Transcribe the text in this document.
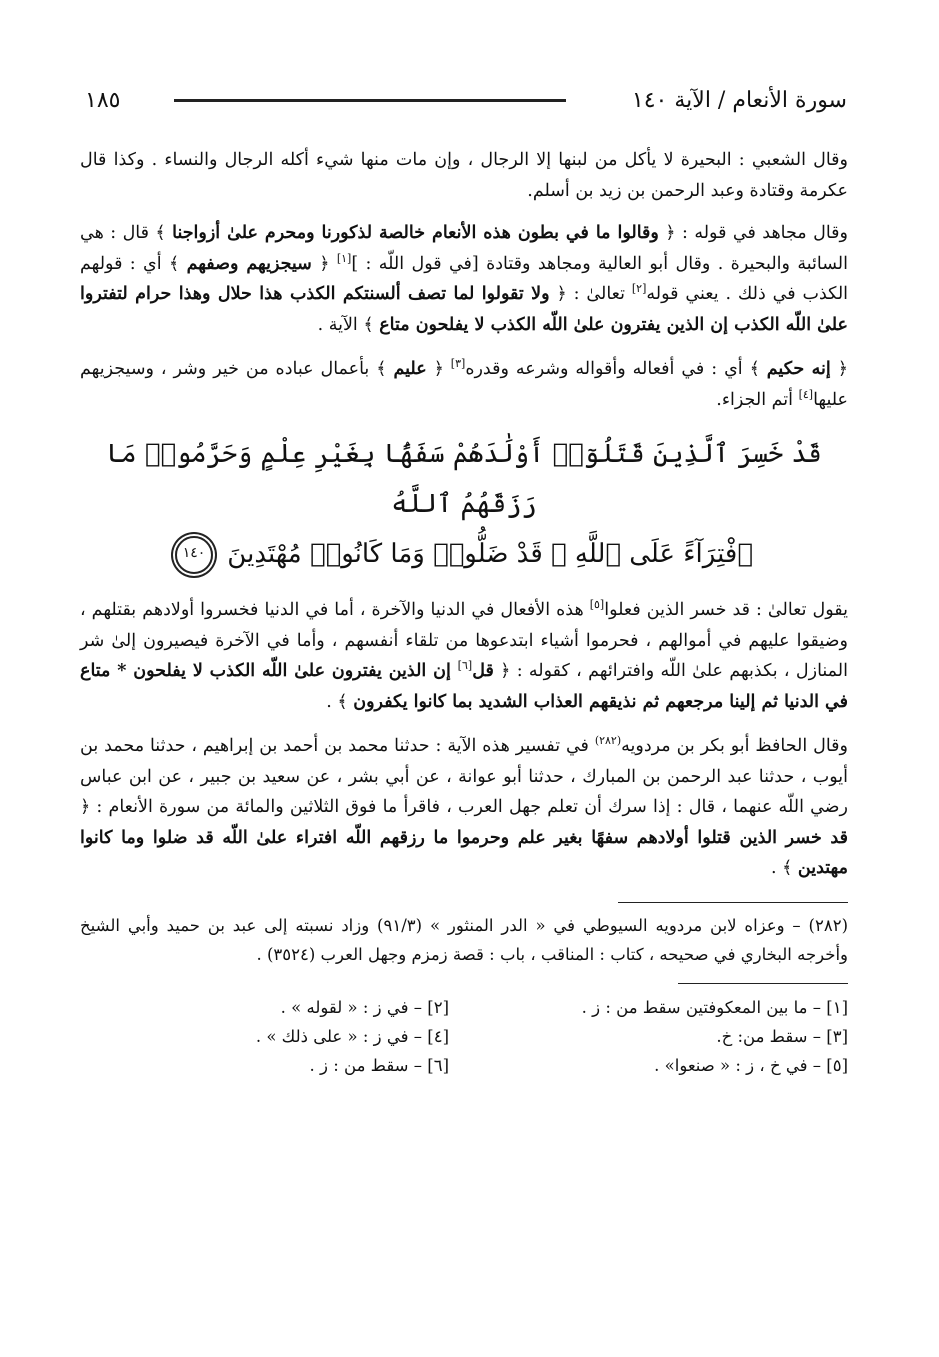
سورة الأنعام / الآية ١٤٠
١٨٥

وقال الشعبي : البحيرة لا يأكل من لبنها إلا الرجال ، وإن مات منها شيء أكله الرجال والنساء . وكذا قال عكرمة وقتادة وعبد الرحمن بن زيد بن أسلم.

وقال مجاهد في قوله : ﴿ وقالوا ما في بطون هذه الأنعام خالصة لذكورنا ومحرم علىٰ أزواجنا ﴾ قال : هي السائبة والبحيرة . وقال أبو العالية ومجاهد وقتادة [في قول اللّه : ][١] ﴿ سيجزيهم وصفهم ﴾ أي : قولهم الكذب في ذلك . يعني قوله[٢] تعالىٰ : ﴿ ولا تقولوا لما تصف ألسنتكم الكذب هذا حلال وهذا حرام لتفتروا علىٰ اللّه الكذب إن الذين يفترون علىٰ اللّه الكذب لا يفلحون متاع ﴾ الآية .

﴿ إنه حكيم ﴾ أي : في أفعاله وأقواله وشرعه وقدره[٣] ﴿ عليم ﴾ بأعمال عباده من خير وشر ، وسيجزيهم عليها[٤] أتم الجزاء.

قَدْ خَسِرَ ٱلَّذِينَ قَتَلُوٓا۟ أَوْلَٰدَهُمْ سَفَهًۢا بِغَيْرِ عِلْمٍ وَحَرَّمُوا۟ مَا رَزَقَهُمُ ٱللَّهُ
ٱفْتِرَآءً عَلَى ٱللَّهِ ۚ قَدْ ضَلُّوا۟ وَمَا كَانُوا۟ مُهْتَدِينَ ١٤٠

يقول تعالىٰ : قد خسر الذين فعلوا[٥] هذه الأفعال في الدنيا والآخرة ، أما في الدنيا فخسروا أولادهم بقتلهم ، وضيقوا عليهم في أموالهم ، فحرموا أشياء ابتدعوها من تلقاء أنفسهم ، وأما في الآخرة فيصيرون إلىٰ شر المنازل ، بكذبهم علىٰ اللّه وافترائهم ، كقوله : ﴿ قل[٦] إن الذين يفترون علىٰ اللّه الكذب لا يفلحون * متاع في الدنيا ثم إلينا مرجعهم ثم نذيقهم العذاب الشديد بما كانوا يكفرون ﴾ .

وقال الحافظ أبو بكر بن مردويه$^{(٢٨٢)}$ في تفسير هذه الآية : حدثنا محمد بن أحمد بن إبراهيم ، حدثنا محمد بن أيوب ، حدثنا عبد الرحمن بن المبارك ، حدثنا أبو عوانة ، عن أبي بشر ، عن سعيد بن جبير ، عن ابن عباس رضي اللّه عنهما ، قال : إذا سرك أن تعلم جهل العرب ، فاقرأ ما فوق الثلاثين والمائة من سورة الأنعام : ﴿ قد خسر الذين قتلوا أولادهم سفهًا بغير علم وحرموا ما رزقهم اللّه افتراء علىٰ اللّه قد ضلوا وما كانوا مهتدين ﴾ .

(٢٨٢) – وعزاه لابن مردويه السيوطي في « الدر المنثور » (٩١/٣) وزاد نسبته إلى عبد بن حميد وأبي الشيخ وأخرجه البخاري في صحيحه ، كتاب : المناقب ، باب : قصة زمزم وجهل العرب (٣٥٢٤) .

[١] – ما بين المعكوفتين سقط من : ز .
[٢] – في ز : « لقوله » .
[٣] – سقط من: خ.
[٤] – في ز : « على ذلك » .
[٥] – في خ ، ز : « صنعوا» .
[٦] – سقط من : ز .
